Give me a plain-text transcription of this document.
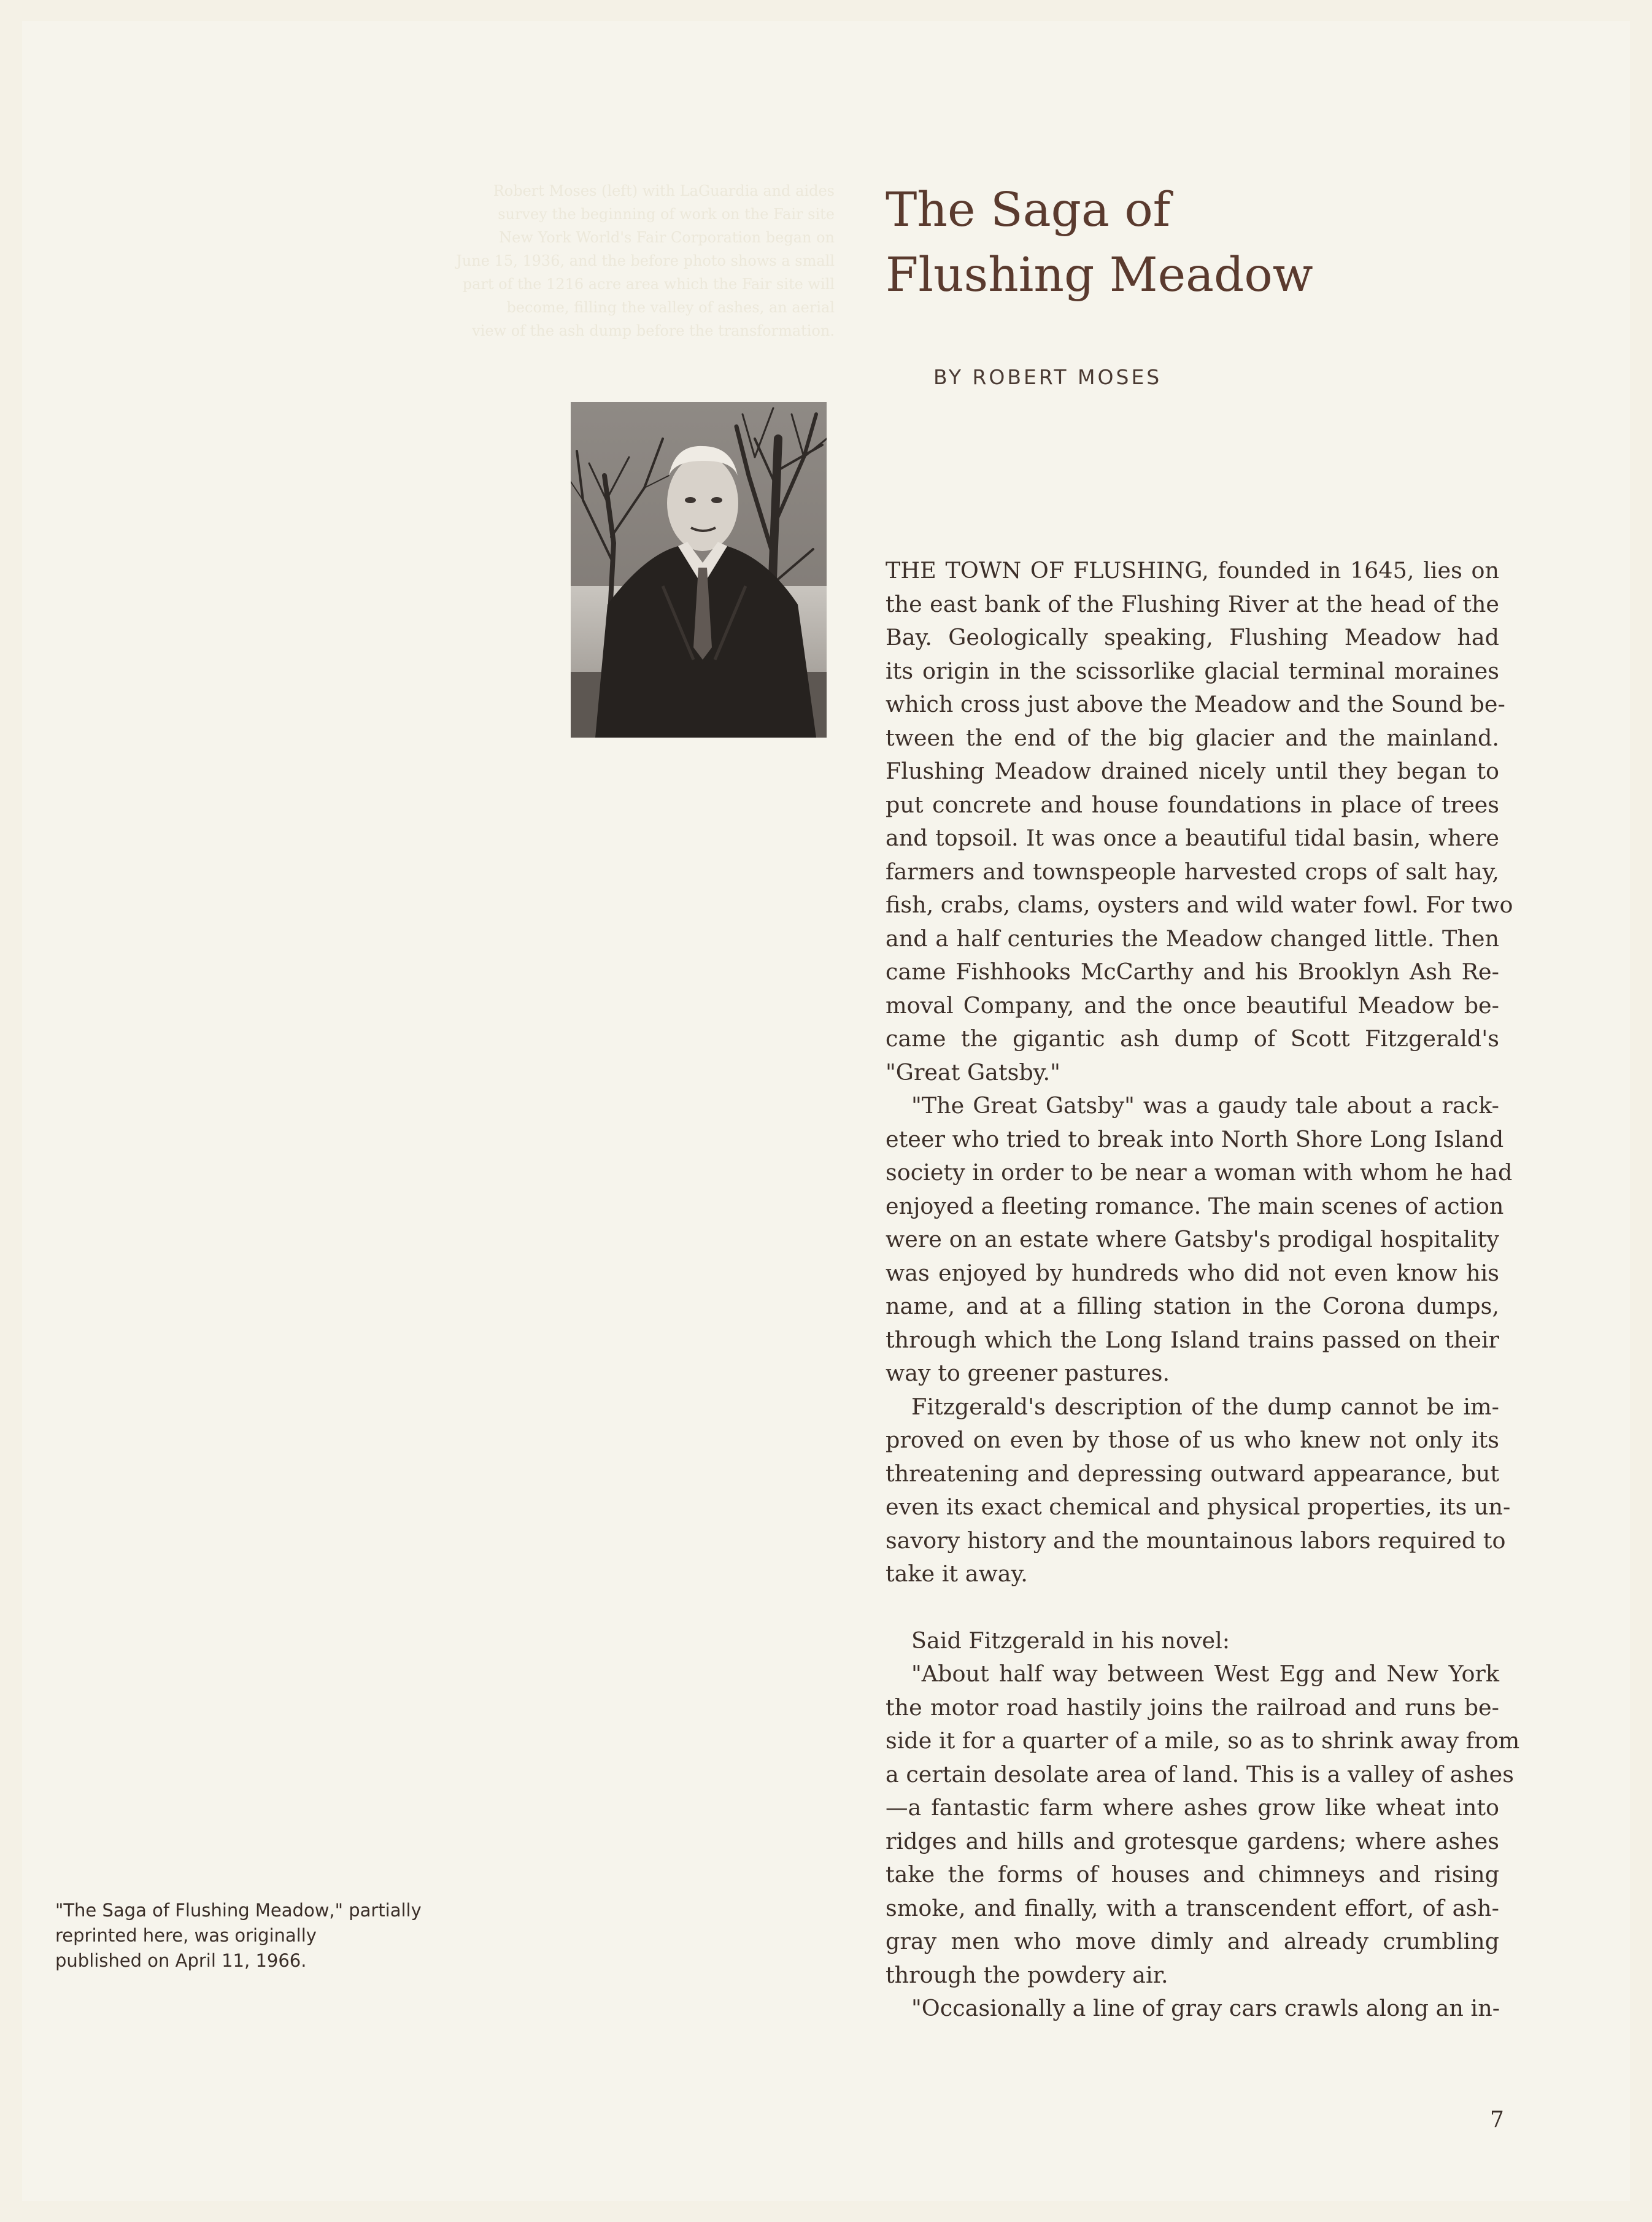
Robert Moses (left) with LaGuardia and aides
survey the beginning of work on the Fair site
New York World's Fair Corporation began on
June 15, 1936, and the before photo shows a small
part of the 1216 acre area which the Fair site will
become, filling the valley of ashes, an aerial
view of the ash dump before the transformation.
The Saga of
Flushing Meadow
BY ROBERT MOSES

THE TOWN OF FLUSHING, founded in 1645, lies on
the east bank of the Flushing River at the head of the
Bay. Geologically speaking, Flushing Meadow had
its origin in the scissorlike glacial terminal moraines
which cross just above the Meadow and the Sound be-
tween the end of the big glacier and the mainland.
Flushing Meadow drained nicely until they began to
put concrete and house foundations in place of trees
and topsoil. It was once a beautiful tidal basin, where
farmers and townspeople harvested crops of salt hay,
fish, crabs, clams, oysters and wild water fowl. For two
and a half centuries the Meadow changed little. Then
came Fishhooks McCarthy and his Brooklyn Ash Re-
moval Company, and the once beautiful Meadow be-
came the gigantic ash dump of Scott Fitzgerald's
"Great Gatsby."

"The Great Gatsby" was a gaudy tale about a rack-
eteer who tried to break into North Shore Long Island
society in order to be near a woman with whom he had
enjoyed a fleeting romance. The main scenes of action
were on an estate where Gatsby's prodigal hospitality
was enjoyed by hundreds who did not even know his
name, and at a filling station in the Corona dumps,
through which the Long Island trains passed on their
way to greener pastures.

Fitzgerald's description of the dump cannot be im-
proved on even by those of us who knew not only its
threatening and depressing outward appearance, but
even its exact chemical and physical properties, its un-
savory history and the mountainous labors required to
take it away.

Said Fitzgerald in his novel:

"About half way between West Egg and New York
the motor road hastily joins the railroad and runs be-
side it for a quarter of a mile, so as to shrink away from
a certain desolate area of land. This is a valley of ashes
—a fantastic farm where ashes grow like wheat into
ridges and hills and grotesque gardens; where ashes
take the forms of houses and chimneys and rising
smoke, and finally, with a transcendent effort, of ash-
gray men who move dimly and already crumbling
through the powdery air.

"Occasionally a line of gray cars crawls along an in-

"The Saga of Flushing Meadow," partially
reprinted here, was originally
published on April 11, 1966.
7
